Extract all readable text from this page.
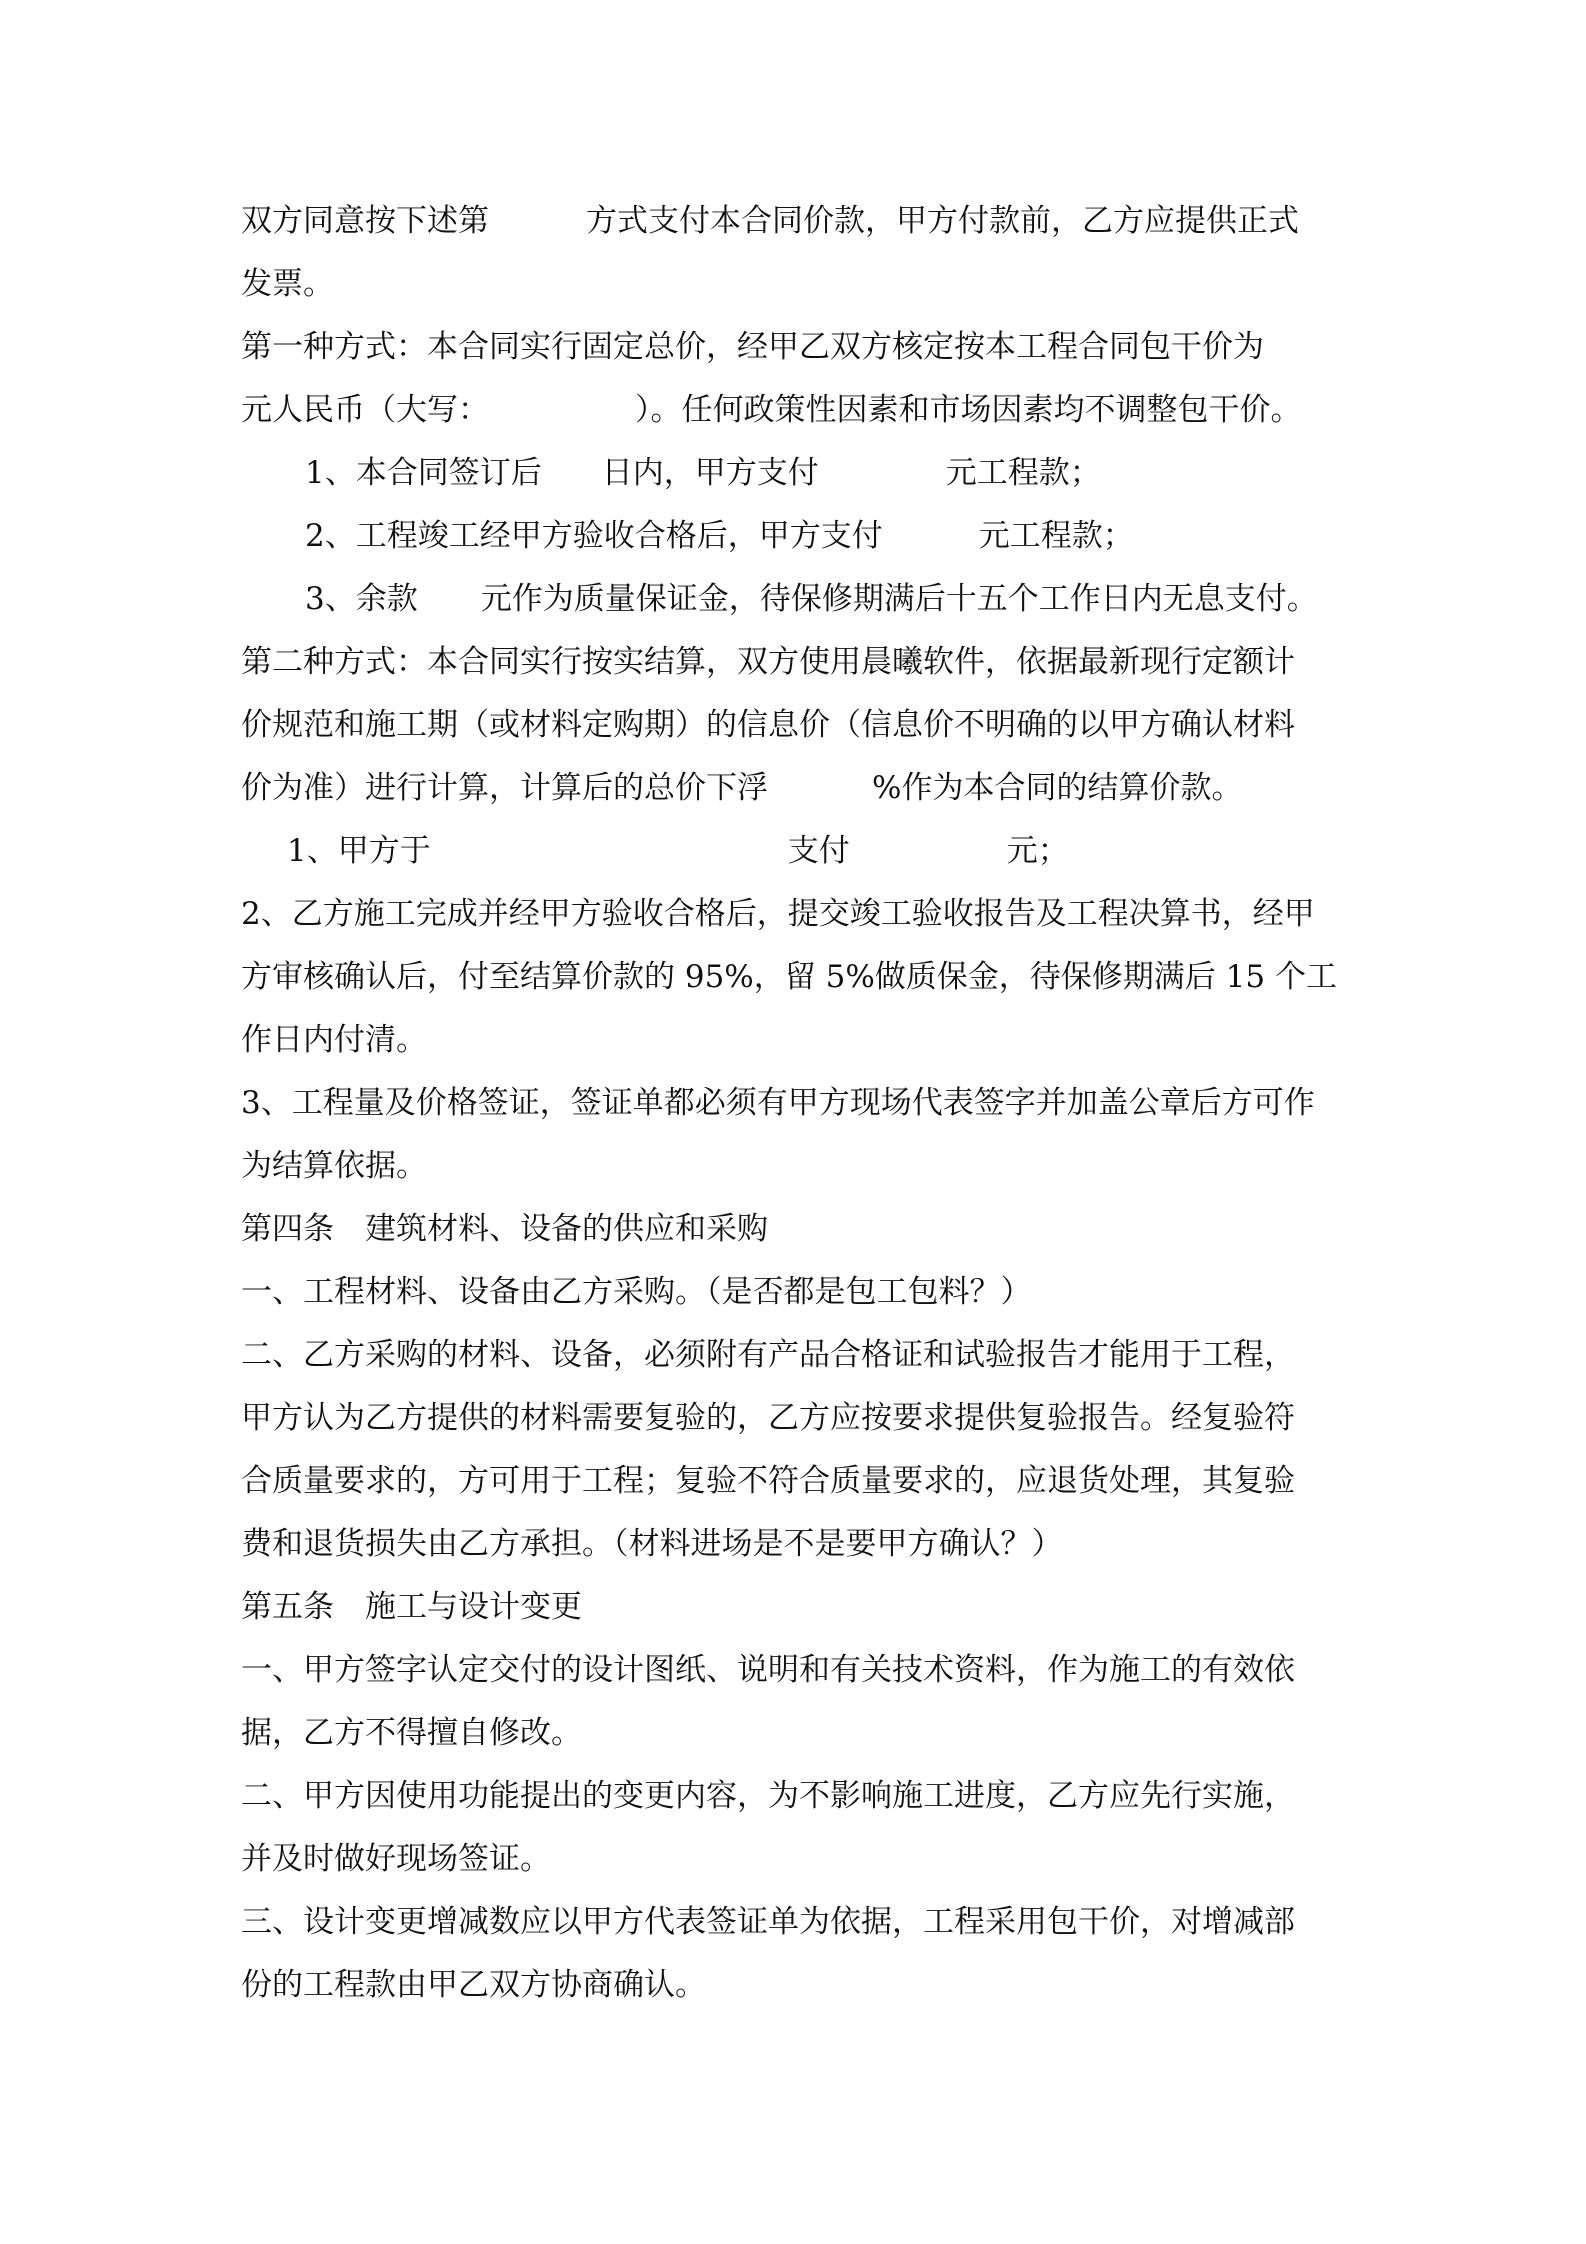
双方同意按下述第	方式支付本合同价款，甲方付款前，乙方应提供正式
发票。
第一种方式：本合同实行固定总价，经甲乙双方核定按本工程合同包干价为
元人民币（大写：	）。任何政策性因素和市场因素均不调整包干价。
1、本合同签订后 日内，甲方支付	元工程款；
2、工程竣工经甲方验收合格后，甲方支付	元工程款；
3、余款 元作为质量保证金，待保修期满后十五个工作日内无息支付。
第二种方式：本合同实行按实结算，双方使用晨曦软件，依据最新现行定额计
价规范和施工期（或材料定购期）的信息价（信息价不明确的以甲方确认材料
价为准）进行计算，计算后的总价下浮	%作为本合同的结算价款。
1、甲方于	支付	元；
2、乙方施工完成并经甲方验收合格后，提交竣工验收报告及工程决算书，经甲
方审核确认后，付至结算价款的 95%，留 5%做质保金，待保修期满后 15 个工
作日内付清。
3、工程量及价格签证，签证单都必须有甲方现场代表签字并加盖公章后方可作
为结算依据。
第四条　建筑材料、设备的供应和采购
一、工程材料、设备由乙方采购。（是否都是包工包料？）
二、乙方采购的材料、设备，必须附有产品合格证和试验报告才能用于工程，
甲方认为乙方提供的材料需要复验的，乙方应按要求提供复验报告。经复验符
合质量要求的，方可用于工程；复验不符合质量要求的，应退货处理，其复验
费和退货损失由乙方承担。（材料进场是不是要甲方确认？）
第五条　施工与设计变更
一、甲方签字认定交付的设计图纸、说明和有关技术资料，作为施工的有效依
据，乙方不得擅自修改。
二、甲方因使用功能提出的变更内容，为不影响施工进度，乙方应先行实施，
并及时做好现场签证。
三、设计变更增减数应以甲方代表签证单为依据，工程采用包干价，对增减部
份的工程款由甲乙双方协商确认。
